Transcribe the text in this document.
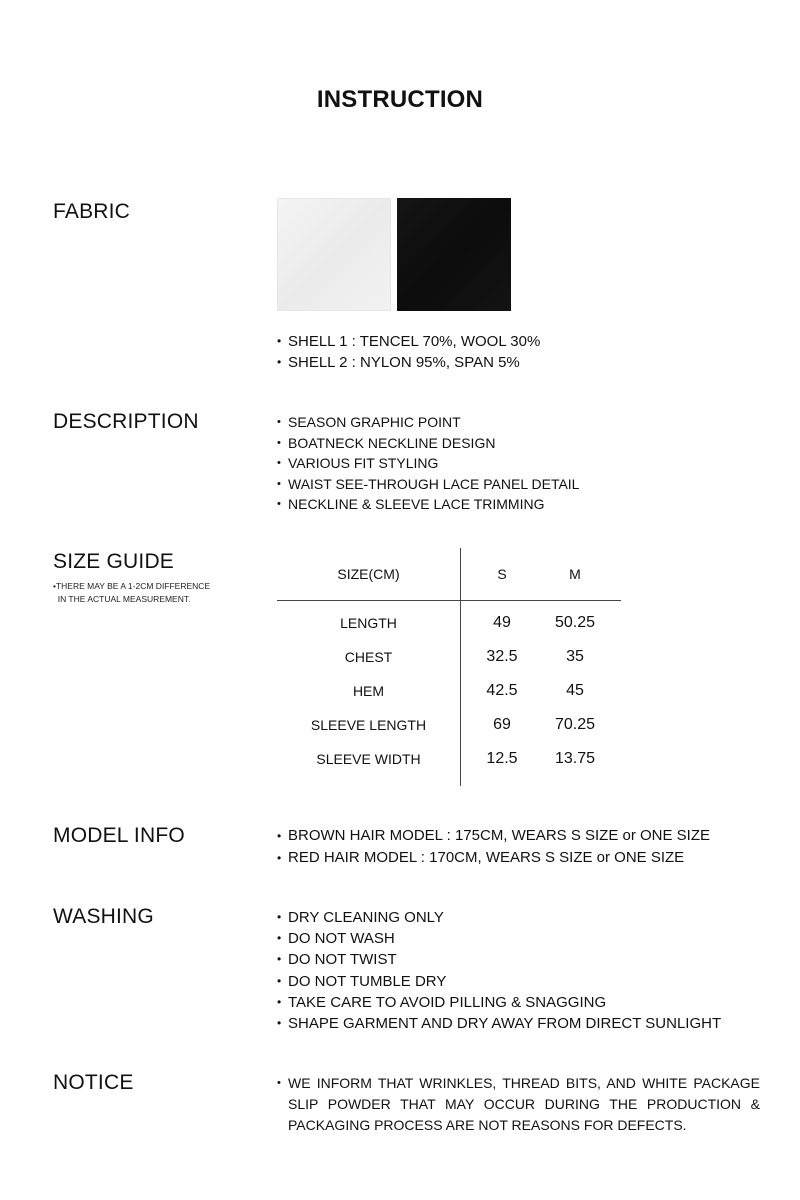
INSTRUCTION
FABRIC
• SHELL 1 : TENCEL 70%, WOOL 30%
• SHELL 2 : NYLON 95%, SPAN 5%
DESCRIPTION	• SEASON GRAPHIC POINT
• BOATNECK NECKLINE DESIGN
• VARIOUS FIT STYLING
• WAIST SEE-THROUGH LACE PANEL DETAIL
• NECKLINE & SLEEVE LACE TRIMMING
SIZE GUIDE
•THERE MAY BE A 1-2CM DIFFERENCE
IN THE ACTUAL MEASUREMENT.
SIZE(CM)	S	M
LENGTH	49	50.25
CHEST	32.5	35
HEM	42.5	45
SLEEVE LENGTH	69	70.25
SLEEVE WIDTH	12.5	13.75
MODEL INFO	• BROWN HAIR MODEL : 175CM, WEARS S SIZE or ONE SIZE
• RED HAIR MODEL : 170CM, WEARS S SIZE or ONE SIZE
WASHING	• DRY CLEANING ONLY
• DO NOT WASH
• DO NOT TWIST
• DO NOT TUMBLE DRY
• TAKE CARE TO AVOID PILLING & SNAGGING
• SHAPE GARMENT AND DRY AWAY FROM DIRECT SUNLIGHT
NOTICE	• WE INFORM THAT WRINKLES, THREAD BITS, AND WHITE PACKAGE SLIP POWDER THAT MAY OCCUR DURING THE PRODUCTION & PACKAGING PROCESS ARE NOT REASONS FOR DEFECTS.
